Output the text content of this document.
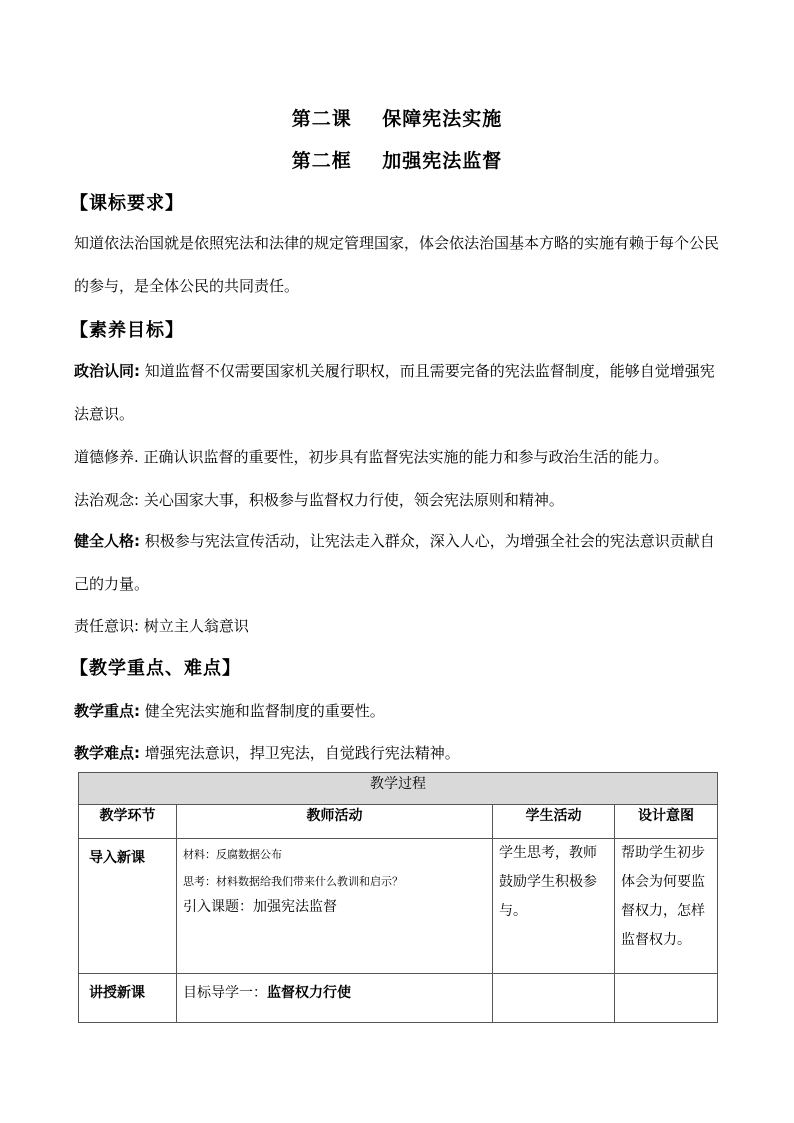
第二课    保障宪法实施
第二框    加强宪法监督
【课标要求】
知道依法治国就是依照宪法和法律的规定管理国家，体会依法治国基本方略的实施有赖于每个公民的参与，是全体公民的共同责任。
【素养目标】
政治认同: 知道监督不仅需要国家机关履行职权，而且需要完备的宪法监督制度，能够自觉增强宪法意识。
道德修养. 正确认识监督的重要性，初步具有监督宪法实施的能力和参与政治生活的能力。
法治观念: 关心国家大事，积极参与监督权力行使，领会宪法原则和精神。
健全人格: 积极参与宪法宣传活动，让宪法走入群众，深入人心，为增强全社会的宪法意识贡献自己的力量。
责任意识: 树立主人翁意识
【教学重点、难点】
教学重点: 健全宪法实施和监督制度的重要性。
教学难点: 增强宪法意识，捍卫宪法，自觉践行宪法精神。
教学过程			
教学环节	教师活动	学生活动	设计意图
导入新课	材料：反腐数据公布
思考：材料数据给我们带来什么教训和启示？
引入课题：加强宪法监督	学生思考，教师鼓励学生积极参与。	帮助学生初步体会为何要监督权力，怎样监督权力。
讲授新课	目标导学一：监督权力行使		
